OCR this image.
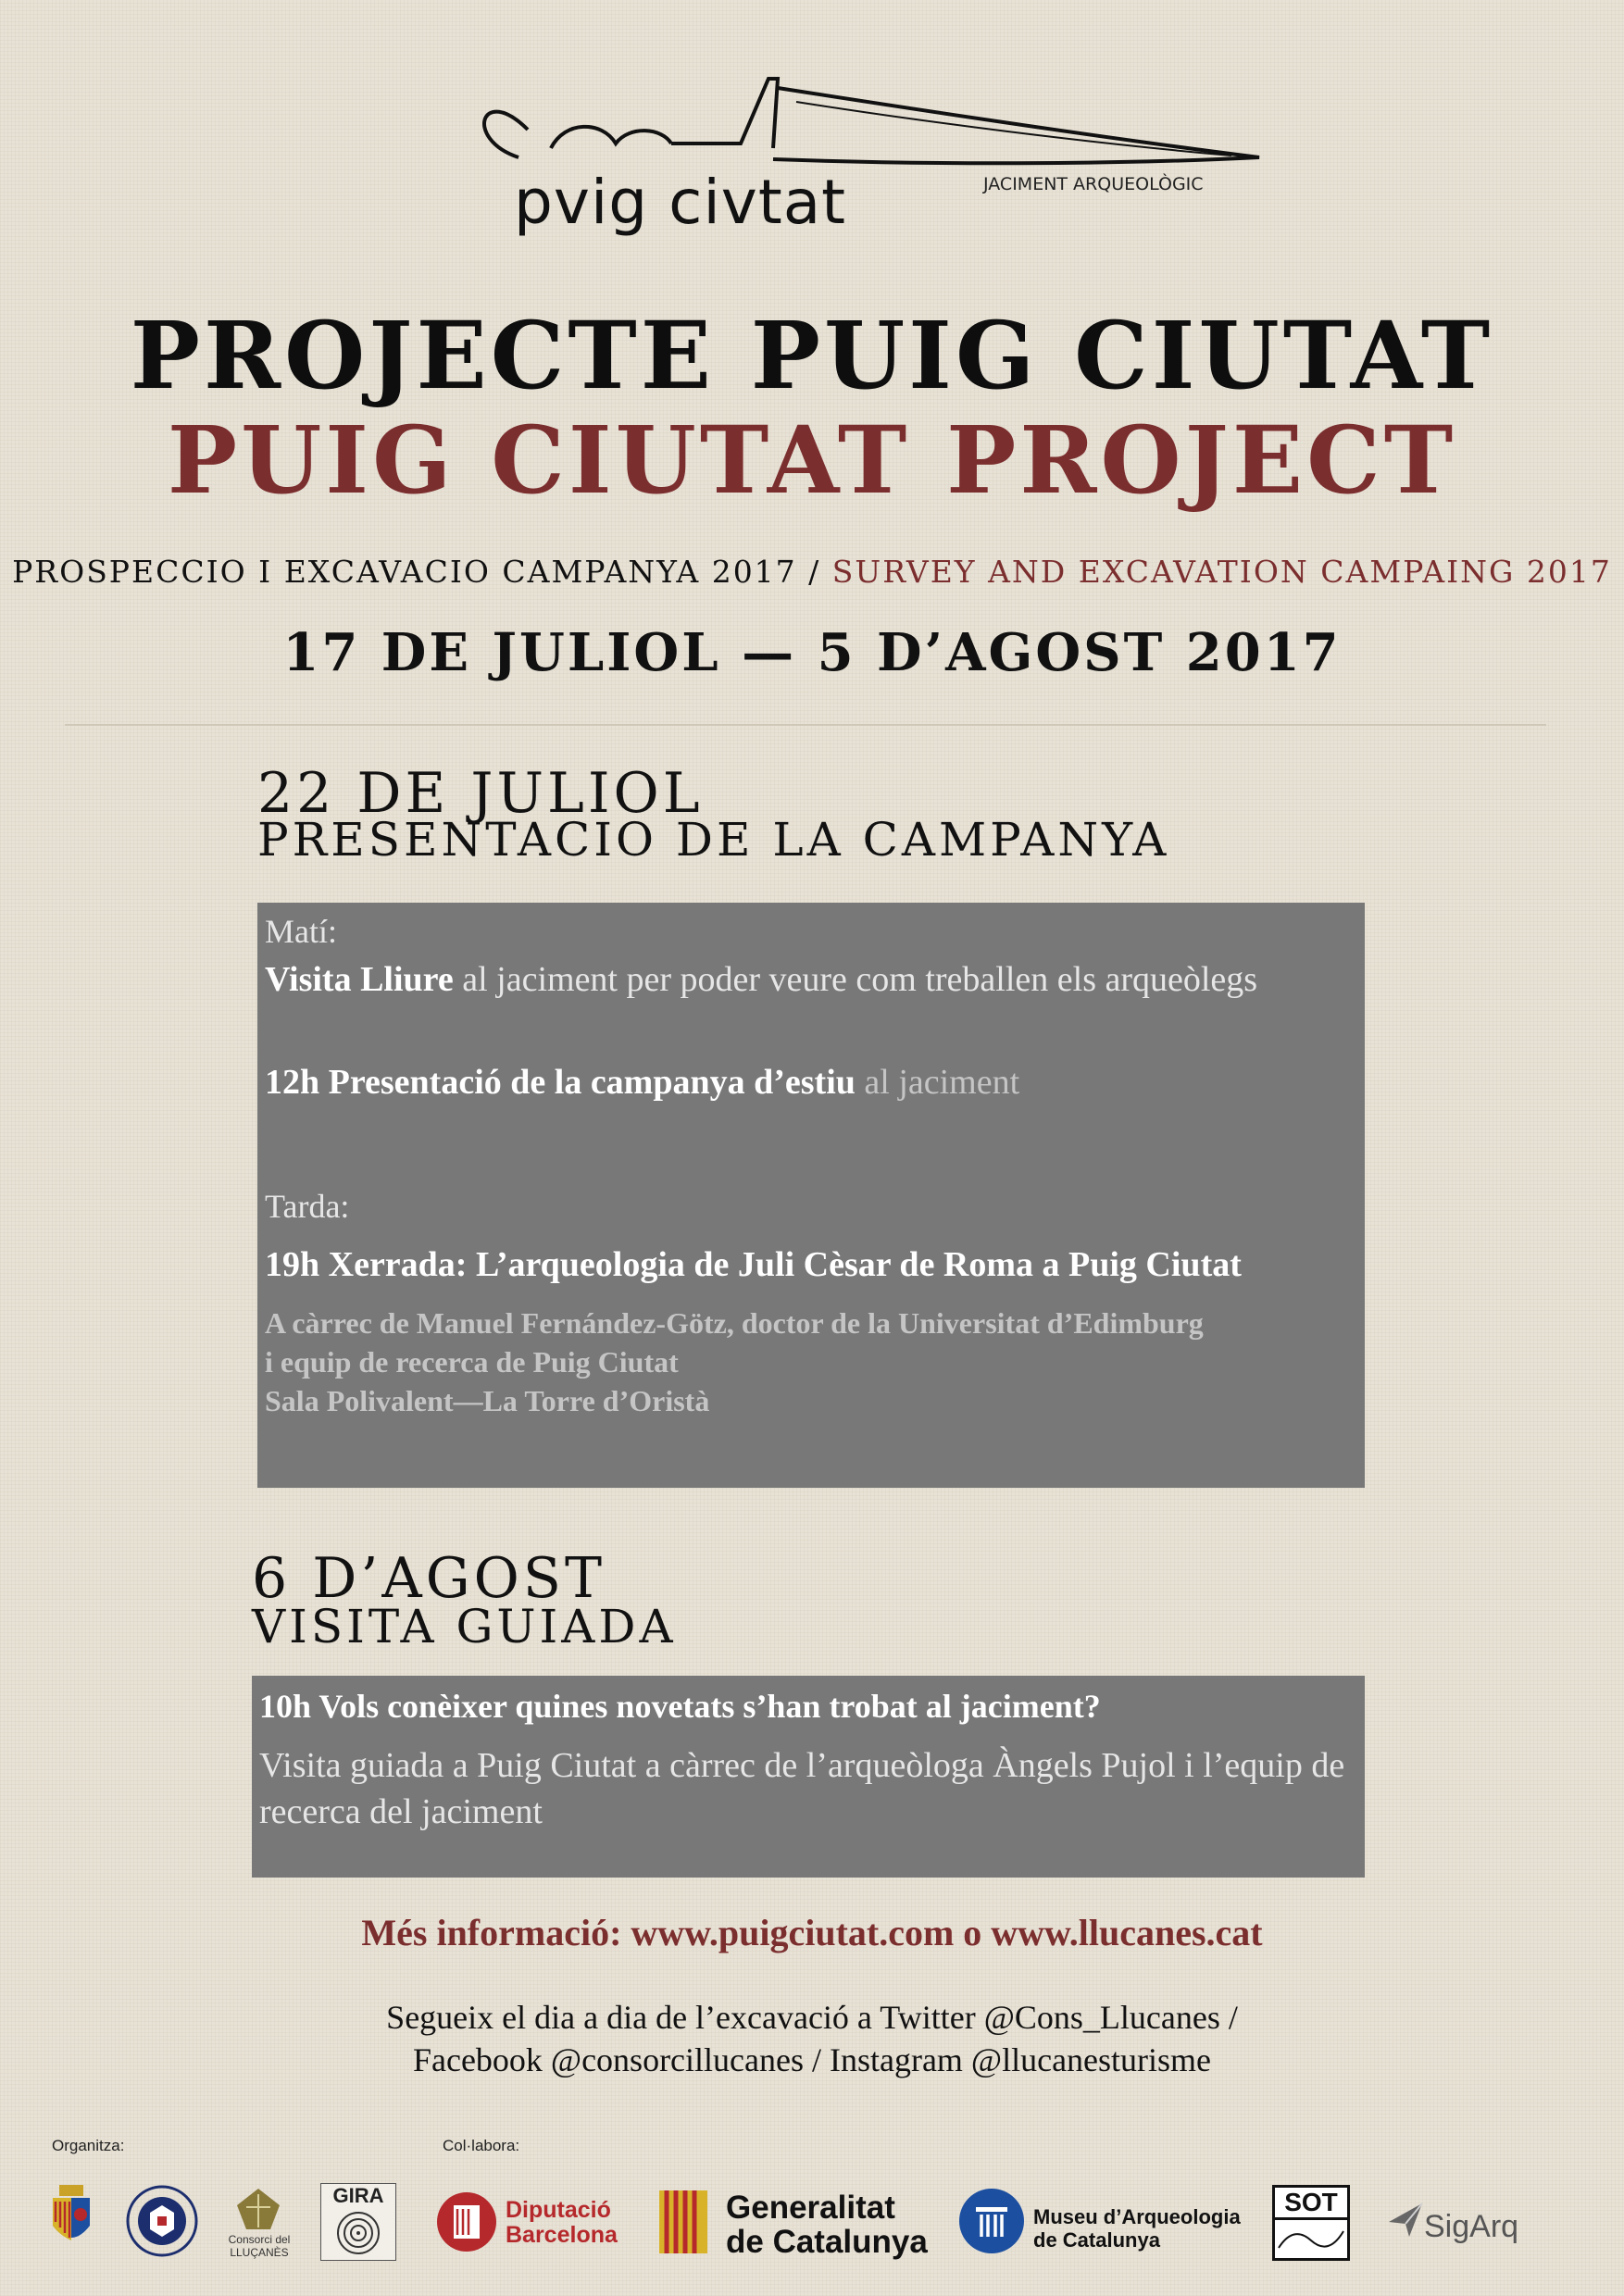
pvig civtat	JACIMENT ARQUEOLÒGIC
PROJECTE PUIG CIUTAT
PUIG CIUTAT PROJECT
PROSPECCIO I EXCAVACIO CAMPANYA 2017 / SURVEY AND EXCAVATION CAMPAING 2017
17 DE JULIOL — 5 D’AGOST 2017
22 DE JULIOL
PRESENTACIO DE LA CAMPANYA
Matí:
Visita Lliure al jaciment per poder veure com treballen els arqueòlegs
12h Presentació de la campanya d’estiu al jaciment
Tarda:
19h Xerrada: L’arqueologia de Juli Cèsar de Roma a Puig Ciutat
A càrrec de Manuel Fernández-Götz, doctor de la Universitat d’Edimburg
i equip de recerca de Puig Ciutat
Sala Polivalent—La Torre d’Oristà
6 D’AGOST
VISITA GUIADA
10h Vols conèixer quines novetats s’han trobat al jaciment?
Visita guiada a Puig Ciutat a càrrec de l’arqueòloga Àngels Pujol i l’equip de recerca del jaciment
Més informació: www.puigciutat.com o www.llucanes.cat
Segueix el dia a dia de l’excavació a Twitter @Cons_Llucanes /
Facebook @consorcillucanes / Instagram @llucanesturisme
Organitza:	Col·labora:
Consorci del
LLUÇANÈS
GIRA
Diputació
Barcelona
Generalitat
de Catalunya
Museu d’Arqueologia
de Catalunya
SOT
SigArq
